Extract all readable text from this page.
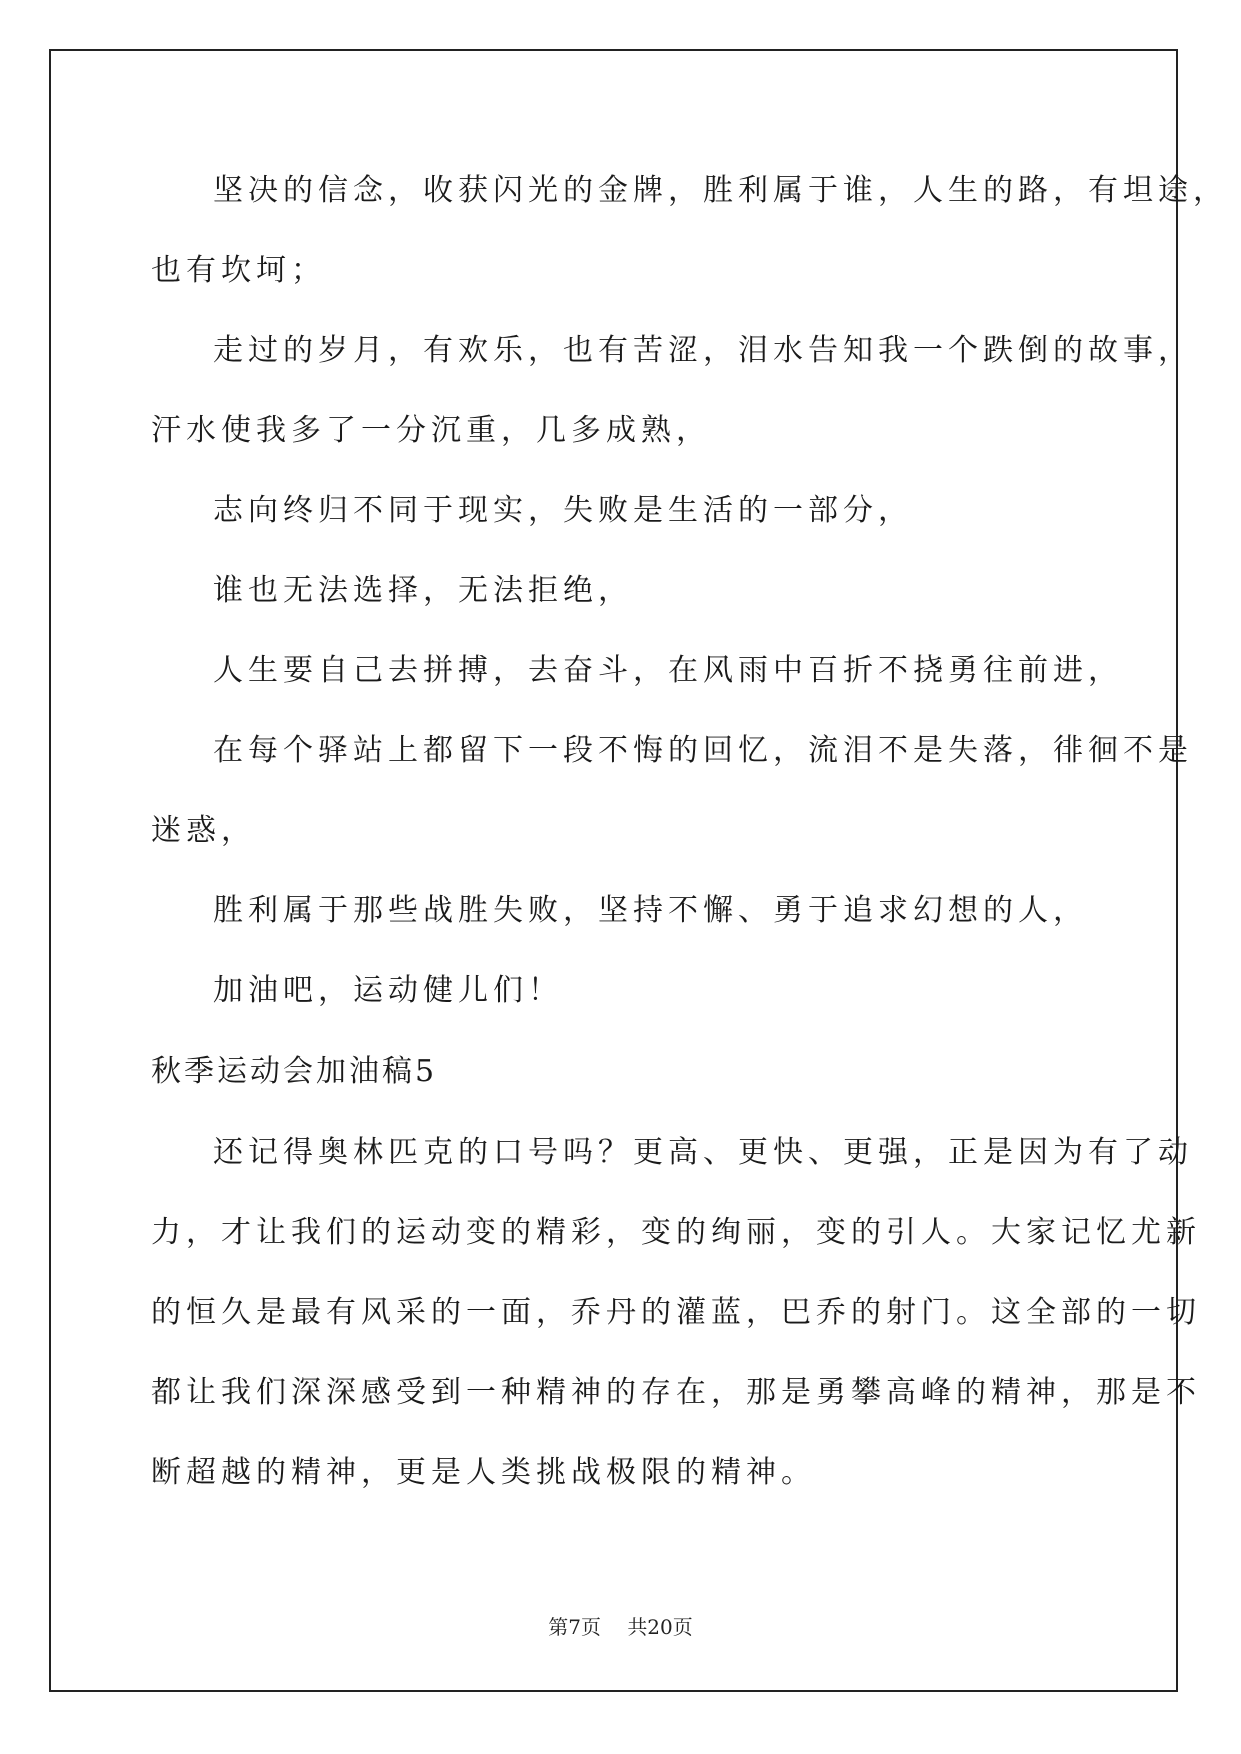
坚决的信念，收获闪光的金牌，胜利属于谁，人生的路，有坦途，
也有坎坷；
走过的岁月，有欢乐，也有苦涩，泪水告知我一个跌倒的故事，
汗水使我多了一分沉重，几多成熟，
志向终归不同于现实，失败是生活的一部分，
谁也无法选择，无法拒绝，
人生要自己去拼搏，去奋斗，在风雨中百折不挠勇往前进，
在每个驿站上都留下一段不悔的回忆，流泪不是失落，徘徊不是
迷惑，
胜利属于那些战胜失败，坚持不懈、勇于追求幻想的人，
加油吧，运动健儿们！
秋季运动会加油稿5
还记得奥林匹克的口号吗？更高、更快、更强，正是因为有了动
力，才让我们的运动变的精彩，变的绚丽，变的引人。大家记忆尤新
的恒久是最有风采的一面，乔丹的灌蓝，巴乔的射门。这全部的一切
都让我们深深感受到一种精神的存在，那是勇攀高峰的精神，那是不
断超越的精神，更是人类挑战极限的精神。
第7页 共20页
